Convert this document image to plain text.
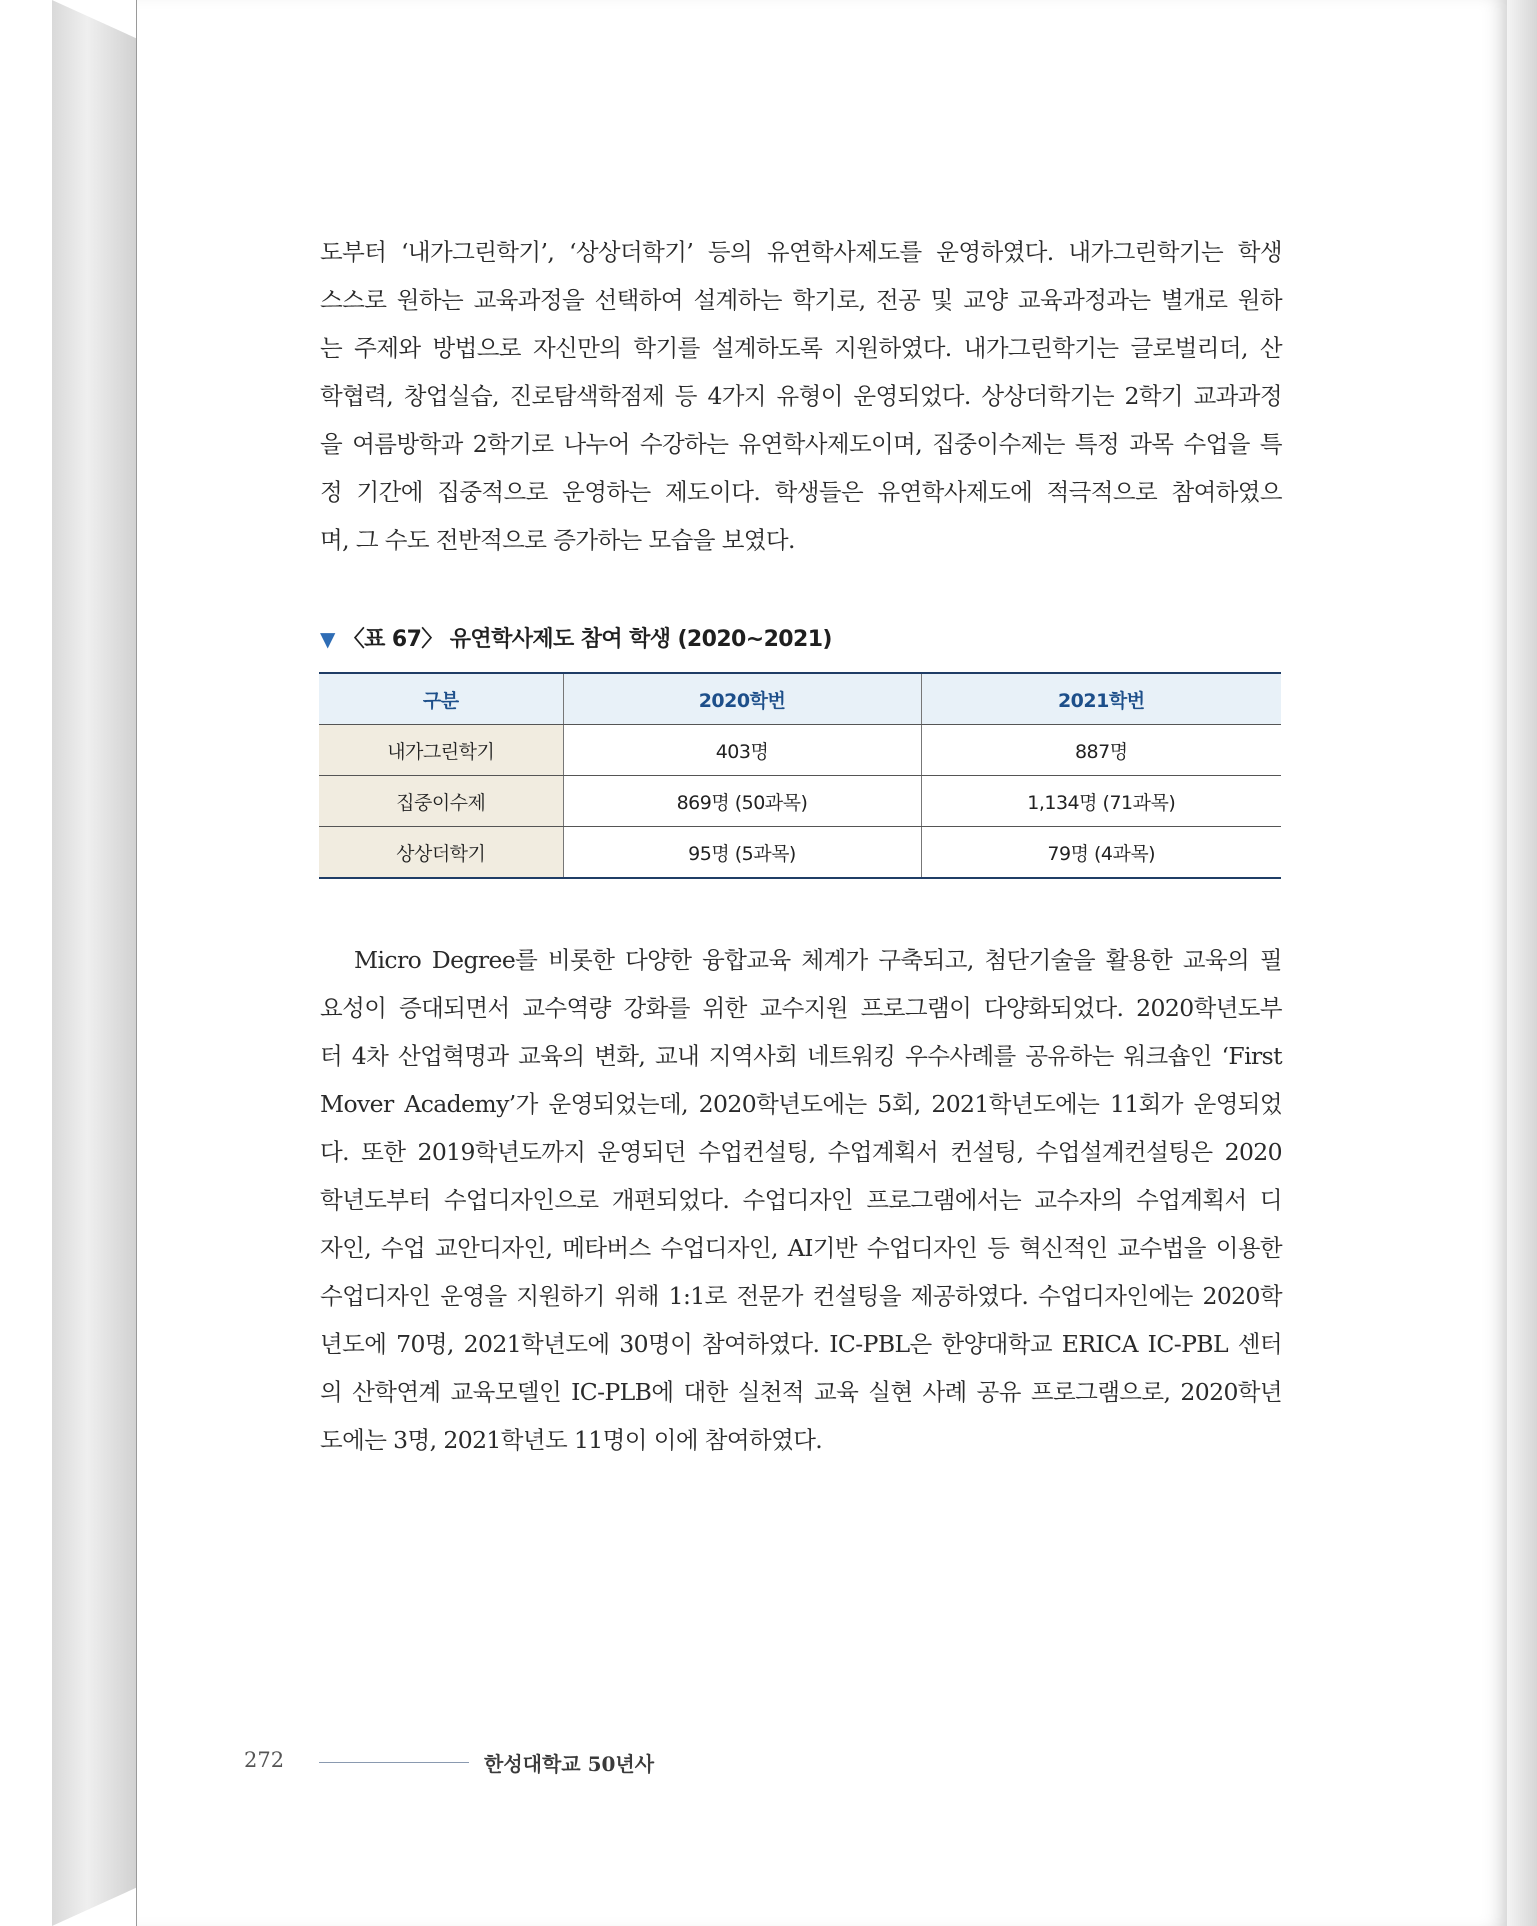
도부터 ‘내가그린학기’, ‘상상더학기’ 등의 유연학사제도를 운영하였다. 내가그린학기는 학생
스스로 원하는 교육과정을 선택하여 설계하는 학기로, 전공 및 교양 교육과정과는 별개로 원하
는 주제와 방법으로 자신만의 학기를 설계하도록 지원하였다. 내가그린학기는 글로벌리더, 산
학협력, 창업실습, 진로탐색학점제 등 4가지 유형이 운영되었다. 상상더학기는 2학기 교과과정
을 여름방학과 2학기로 나누어 수강하는 유연학사제도이며, 집중이수제는 특정 과목 수업을 특
정 기간에 집중적으로 운영하는 제도이다. 학생들은 유연학사제도에 적극적으로 참여하였으
며, 그 수도 전반적으로 증가하는 모습을 보였다.
▼ 〈표 67〉 유연학사제도 참여 학생 (2020~2021)
구분	2020학번	2021학번
내가그린학기	403명	887명
집중이수제	869명 (50과목)	1,134명 (71과목)
상상더학기	95명 (5과목)	79명 (4과목)
Micro Degree를 비롯한 다양한 융합교육 체계가 구축되고, 첨단기술을 활용한 교육의 필
요성이 증대되면서 교수역량 강화를 위한 교수지원 프로그램이 다양화되었다. 2020학년도부
터 4차 산업혁명과 교육의 변화, 교내 지역사회 네트워킹 우수사례를 공유하는 워크숍인 ‘First
Mover Academy’가 운영되었는데, 2020학년도에는 5회, 2021학년도에는 11회가 운영되었
다. 또한 2019학년도까지 운영되던 수업컨설팅, 수업계획서 컨설팅, 수업설계컨설팅은 2020
학년도부터 수업디자인으로 개편되었다. 수업디자인 프로그램에서는 교수자의 수업계획서 디
자인, 수업 교안디자인, 메타버스 수업디자인, AI기반 수업디자인 등 혁신적인 교수법을 이용한
수업디자인 운영을 지원하기 위해 1:1로 전문가 컨설팅을 제공하였다. 수업디자인에는 2020학
년도에 70명, 2021학년도에 30명이 참여하였다. IC-PBL은 한양대학교 ERICA IC-PBL 센터
의 산학연계 교육모델인 IC-PLB에 대한 실천적 교육 실현 사례 공유 프로그램으로, 2020학년
도에는 3명, 2021학년도 11명이 이에 참여하였다.
272	한성대학교 50년사
